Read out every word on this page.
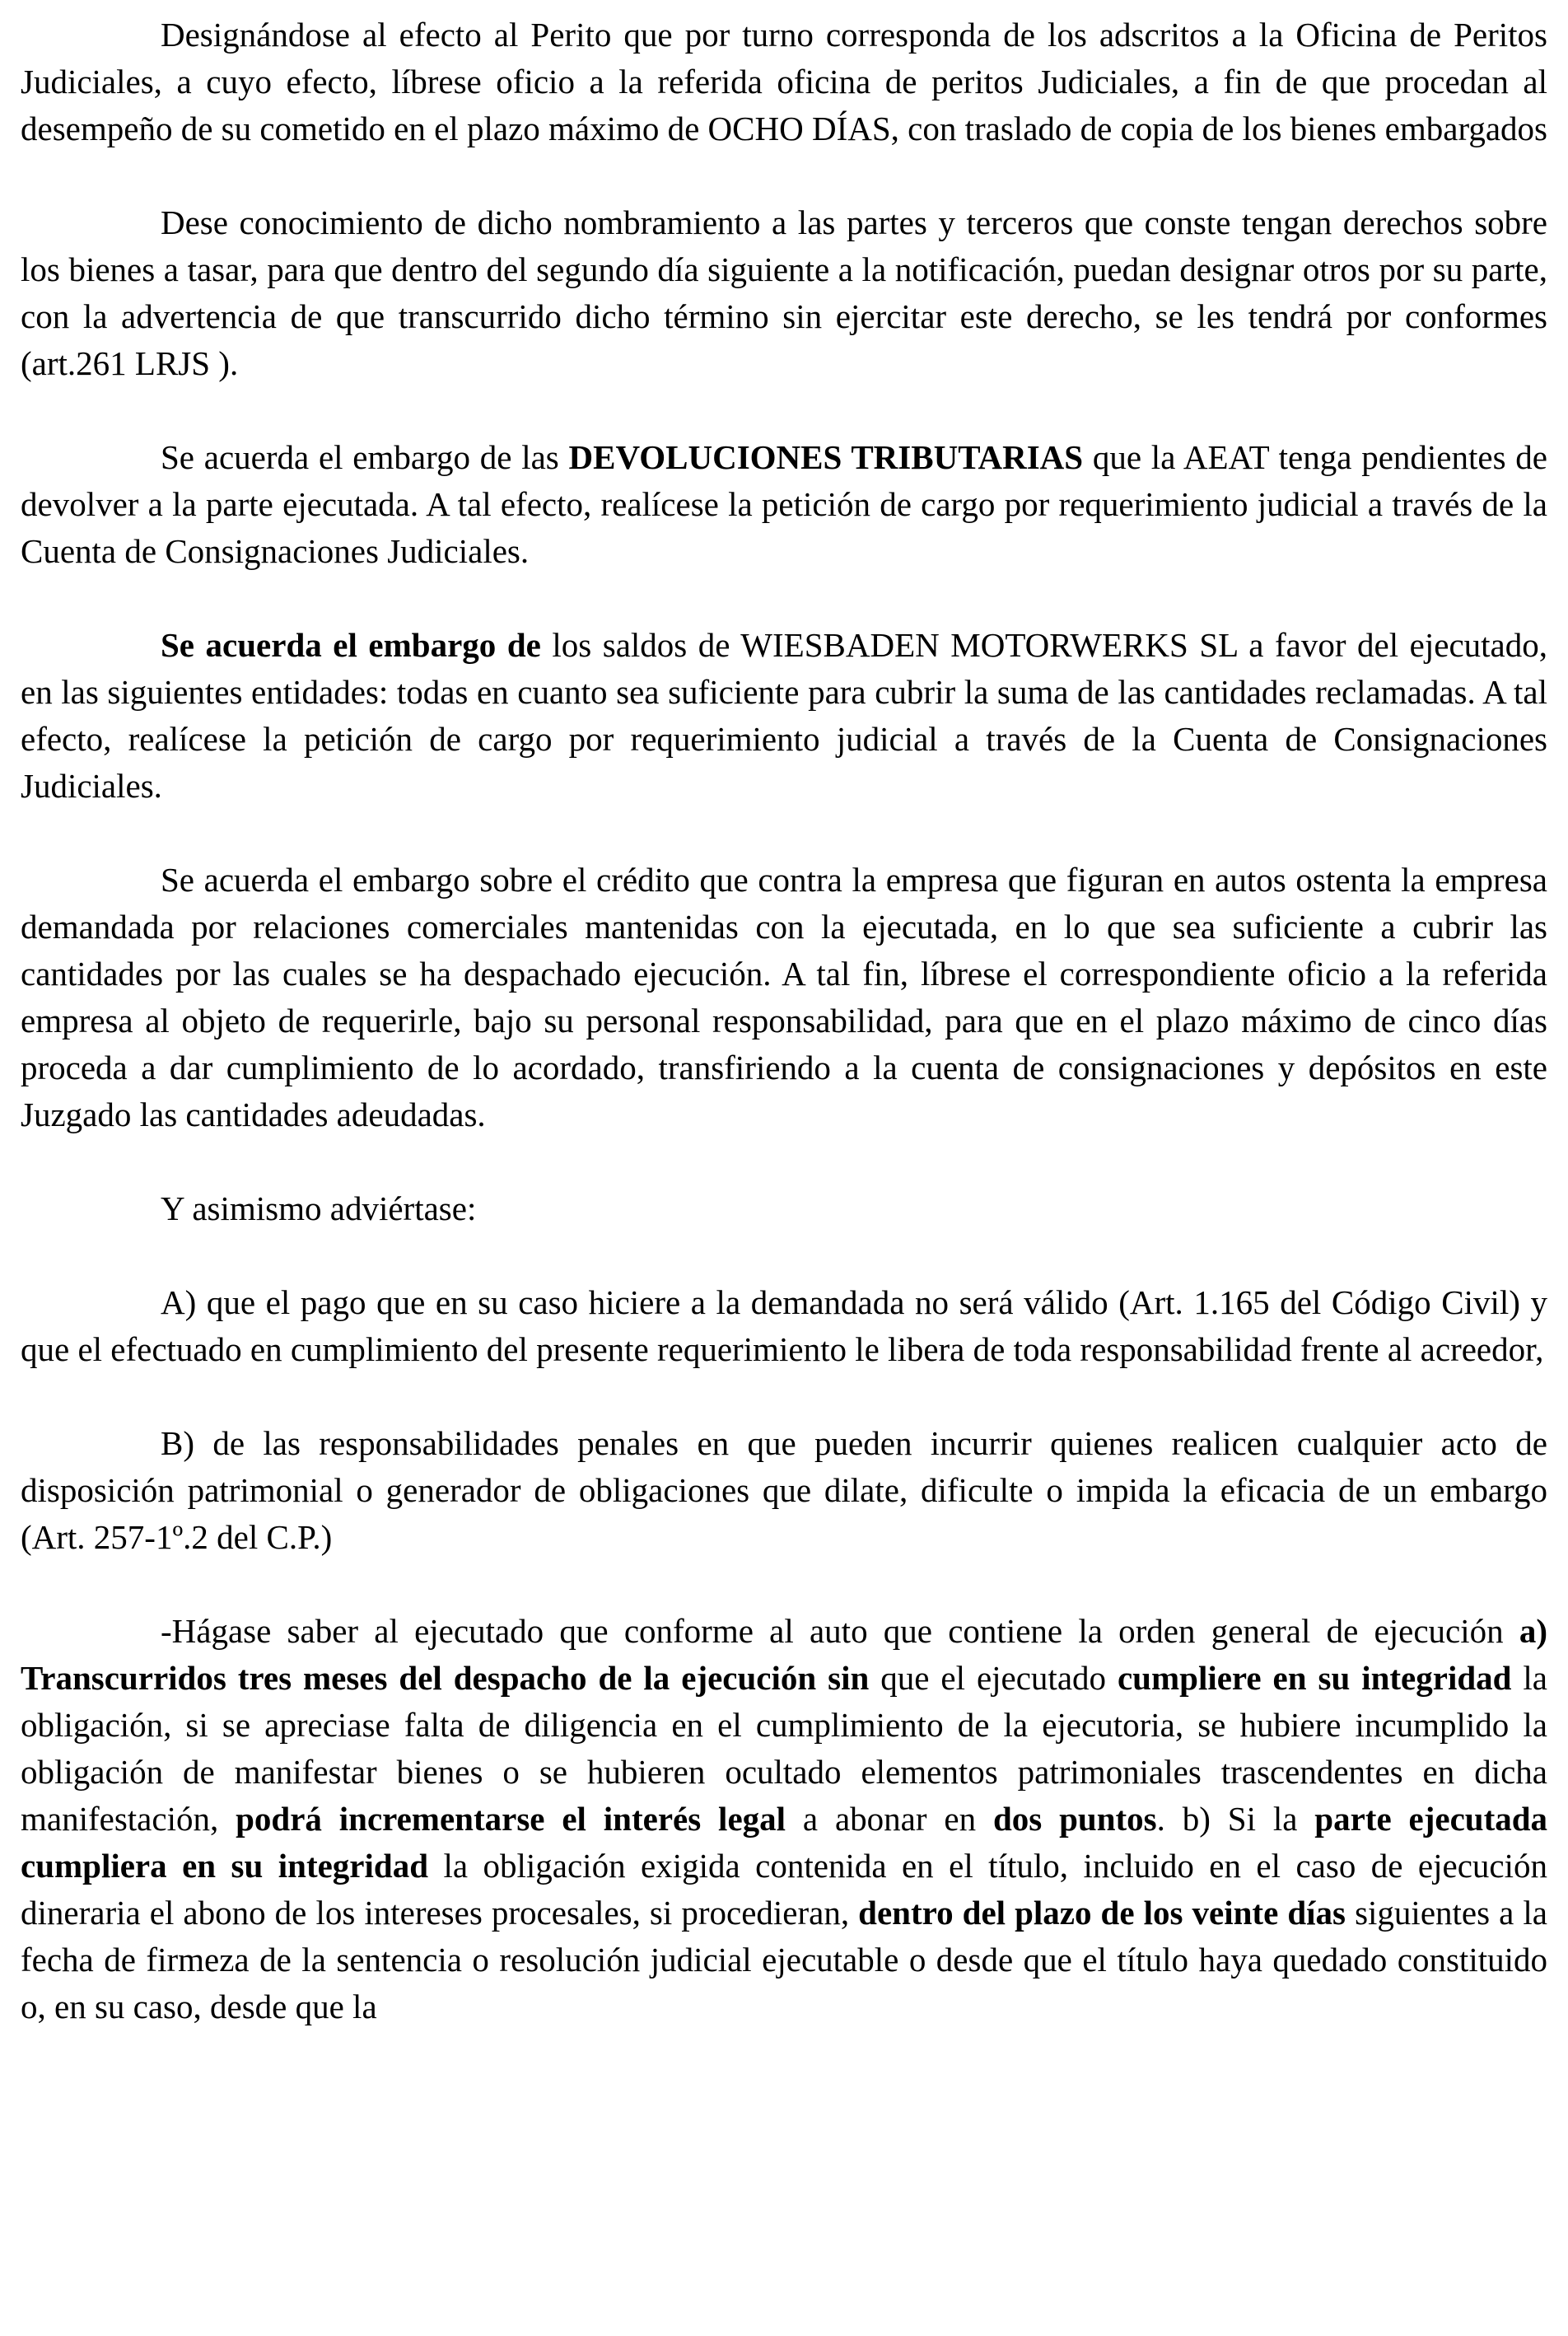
Designándose al efecto al Perito que por turno corresponda de los adscritos a la Oficina de Peritos Judiciales, a cuyo efecto, líbrese oficio a la referida oficina de peritos Judiciales, a fin de que procedan al desempeño de su cometido en el plazo máximo de OCHO DÍAS, con traslado de copia de los bienes embargados

Dese conocimiento de dicho nombramiento a las partes y terceros que conste tengan derechos sobre los bienes a tasar, para que dentro del segundo día siguiente a la notificación, puedan designar otros por su parte, con la advertencia de que transcurrido dicho término sin ejercitar este derecho, se les tendrá por conformes (art.261 LRJS ).

Se acuerda el embargo de las DEVOLUCIONES TRIBUTARIAS que la AEAT tenga pendientes de devolver a la parte ejecutada. A tal efecto, realícese la petición de cargo por requerimiento judicial a través de la Cuenta de Consignaciones Judiciales.

Se acuerda el embargo de los saldos de WIESBADEN MOTORWERKS SL a favor del ejecutado, en las siguientes entidades: todas en cuanto sea suficiente para cubrir la suma de las cantidades reclamadas. A tal efecto, realícese la petición de cargo por requerimiento judicial a través de la Cuenta de Consignaciones Judiciales.

Se acuerda el embargo sobre el crédito que contra la empresa que figuran en autos ostenta la empresa demandada por relaciones comerciales mantenidas con la ejecutada, en lo que sea suficiente a cubrir las cantidades por las cuales se ha despachado ejecución. A tal fin, líbrese el correspondiente oficio a la referida empresa al objeto de requerirle, bajo su personal responsabilidad, para que en el plazo máximo de cinco días proceda a dar cumplimiento de lo acordado, transfiriendo a la cuenta de consignaciones y depósitos en este Juzgado las cantidades adeudadas.

Y asimismo adviértase:

A) que el pago que en su caso hiciere a la demandada no será válido (Art. 1.165 del Código Civil) y que el efectuado en cumplimiento del presente requerimiento le libera de toda responsabilidad frente al acreedor,

B) de las responsabilidades penales en que pueden incurrir quienes realicen cualquier acto de disposición patrimonial o generador de obligaciones que dilate, dificulte o impida la eficacia de un embargo (Art. 257-1º.2 del C.P.)

-Hágase saber al ejecutado que conforme al auto que contiene la orden general de ejecución a) Transcurridos tres meses del despacho de la ejecución sin que el ejecutado cumpliere en su integridad la obligación, si se apreciase falta de diligencia en el cumplimiento de la ejecutoria, se hubiere incumplido la obligación de manifestar bienes o se hubieren ocultado elementos patrimoniales trascendentes en dicha manifestación, podrá incrementarse el interés legal a abonar en dos puntos. b) Si la parte ejecutada cumpliera en su integridad la obligación exigida contenida en el título, incluido en el caso de ejecución dineraria el abono de los intereses procesales, si procedieran, dentro del plazo de los veinte días siguientes a la fecha de firmeza de la sentencia o resolución judicial ejecutable o desde que el título haya quedado constituido o, en su caso, desde que la
